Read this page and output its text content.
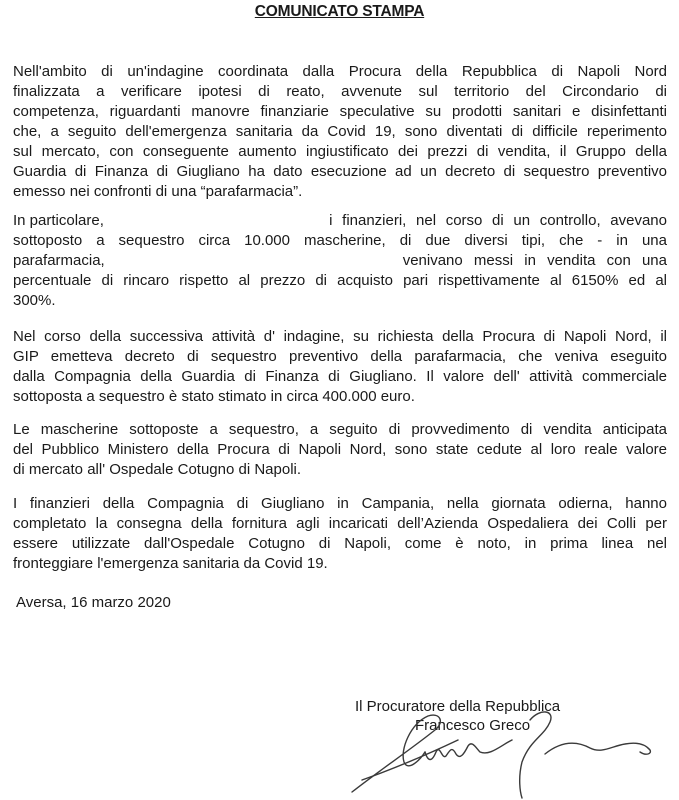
COMUNICATO STAMPA
Nell'ambito di un'indagine coordinata dalla Procura della Repubblica di Napoli Nord
finalizzata a verificare ipotesi di reato, avvenute sul territorio del Circondario di
competenza, riguardanti manovre finanziarie speculative su prodotti sanitari e disinfettanti
che, a seguito dell'emergenza sanitaria da Covid 19, sono diventati di difficile reperimento
sul mercato, con conseguente aumento ingiustificato dei prezzi di vendita, il Gruppo della
Guardia di Finanza di Giugliano ha dato esecuzione ad un decreto di sequestro preventivo
emesso nei confronti di una “parafarmacia”.
In particolare,	i finanzieri, nel corso di un controllo, avevano
sottoposto a sequestro circa 10.000 mascherine, di due diversi tipi, che - in una
parafarmacia,	venivano messi in vendita con una
percentuale di rincaro rispetto al prezzo di acquisto pari rispettivamente al 6150% ed al
300%.
Nel corso della successiva attività d' indagine, su richiesta della Procura di Napoli Nord, il
GIP emetteva decreto di sequestro preventivo della parafarmacia, che veniva eseguito
dalla Compagnia della Guardia di Finanza di Giugliano. Il valore dell' attività commerciale
sottoposta a sequestro è stato stimato in circa 400.000 euro.
Le mascherine sottoposte a sequestro, a seguito di provvedimento di vendita anticipata
del Pubblico Ministero della Procura di Napoli Nord, sono state cedute al loro reale valore
di mercato all' Ospedale Cotugno di Napoli.
I finanzieri della Compagnia di Giugliano in Campania, nella giornata odierna, hanno
completato la consegna della fornitura agli incaricati dell’Azienda Ospedaliera dei Colli per
essere utilizzate dall'Ospedale Cotugno di Napoli, come è noto, in prima linea nel
fronteggiare l'emergenza sanitaria da Covid 19.
Aversa, 16 marzo 2020
Il Procuratore della Repubblica
Francesco Greco
